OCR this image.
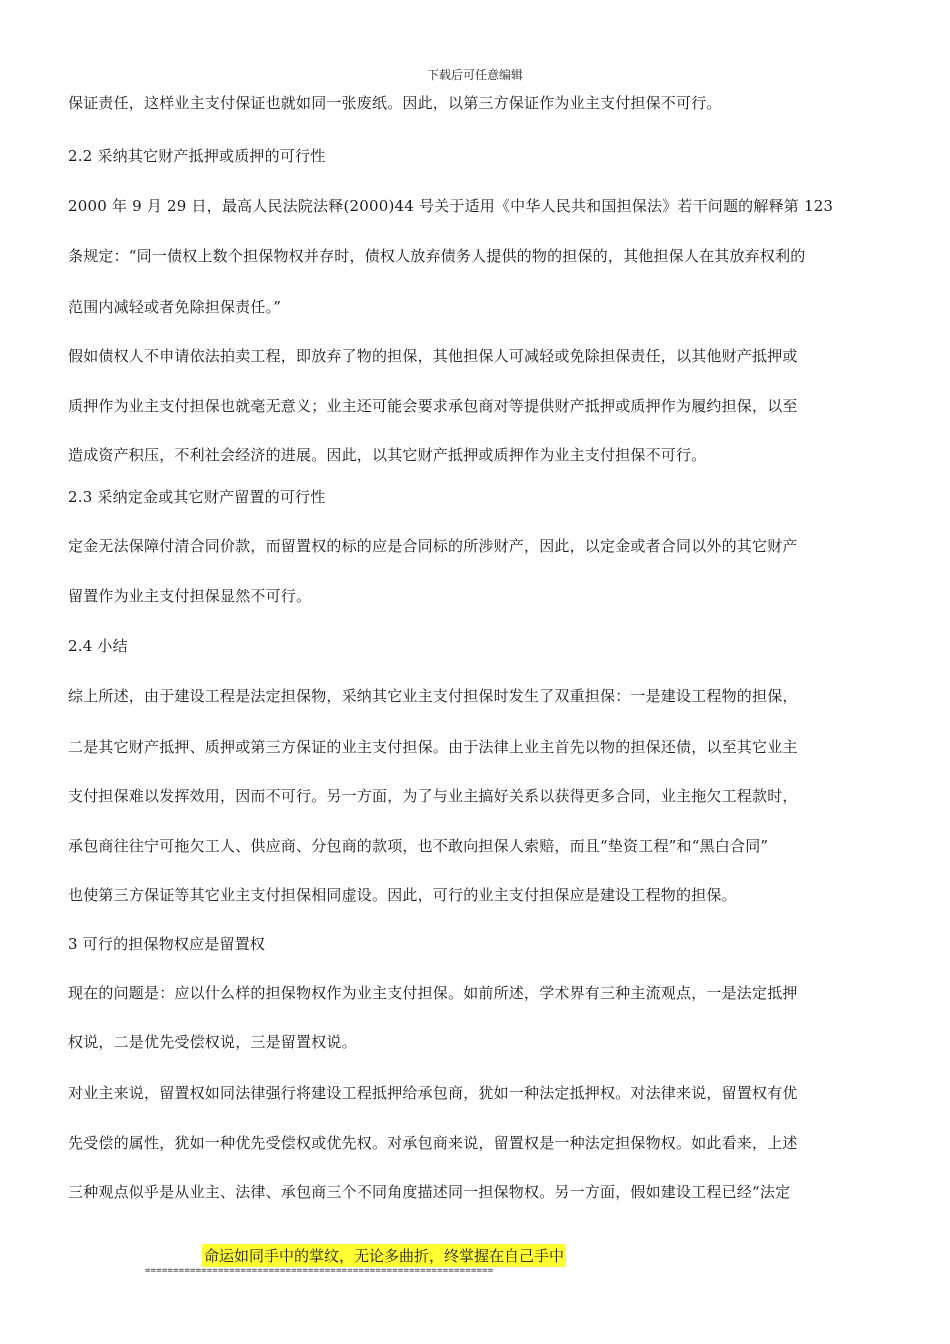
下载后可任意编辑
保证责任，这样业主支付保证也就如同一张废纸。因此，以第三方保证作为业主支付担保不可行。
2.2 采纳其它财产抵押或质押的可行性
2000 年 9 月 29 日，最高人民法院法释(2000)44 号关于适用《中华人民共和国担保法》若干问题的解释第 123
条规定：“同一债权上数个担保物权并存时，债权人放弃债务人提供的物的担保的，其他担保人在其放弃权利的
范围内减轻或者免除担保责任。”
假如债权人不申请依法拍卖工程，即放弃了物的担保，其他担保人可减轻或免除担保责任，以其他财产抵押或
质押作为业主支付担保也就毫无意义；业主还可能会要求承包商对等提供财产抵押或质押作为履约担保，以至
造成资产积压，不利社会经济的进展。因此，以其它财产抵押或质押作为业主支付担保不可行。
2.3 采纳定金或其它财产留置的可行性
定金无法保障付清合同价款，而留置权的标的应是合同标的所涉财产，因此，以定金或者合同以外的其它财产
留置作为业主支付担保显然不可行。
2.4 小结
综上所述，由于建设工程是法定担保物，采纳其它业主支付担保时发生了双重担保：一是建设工程物的担保，
二是其它财产抵押、质押或第三方保证的业主支付担保。由于法律上业主首先以物的担保还债，以至其它业主
支付担保难以发挥效用，因而不可行。另一方面，为了与业主搞好关系以获得更多合同，业主拖欠工程款时，
承包商往往宁可拖欠工人、供应商、分包商的款项，也不敢向担保人索赔，而且“垫资工程”和“黑白合同”
也使第三方保证等其它业主支付担保相同虚设。因此，可行的业主支付担保应是建设工程物的担保。
3 可行的担保物权应是留置权
现在的问题是：应以什么样的担保物权作为业主支付担保。如前所述，学术界有三种主流观点，一是法定抵押
权说，二是优先受偿权说，三是留置权说。
对业主来说，留置权如同法律强行将建设工程抵押给承包商，犹如一种法定抵押权。对法律来说，留置权有优
先受偿的属性，犹如一种优先受偿权或优先权。对承包商来说，留置权是一种法定担保物权。如此看来，上述
三种观点似乎是从业主、法律、承包商三个不同角度描述同一担保物权。另一方面，假如建设工程已经“法定
命运如同手中的掌纹，无论多曲折，终掌握在自己手中
==============================================================
